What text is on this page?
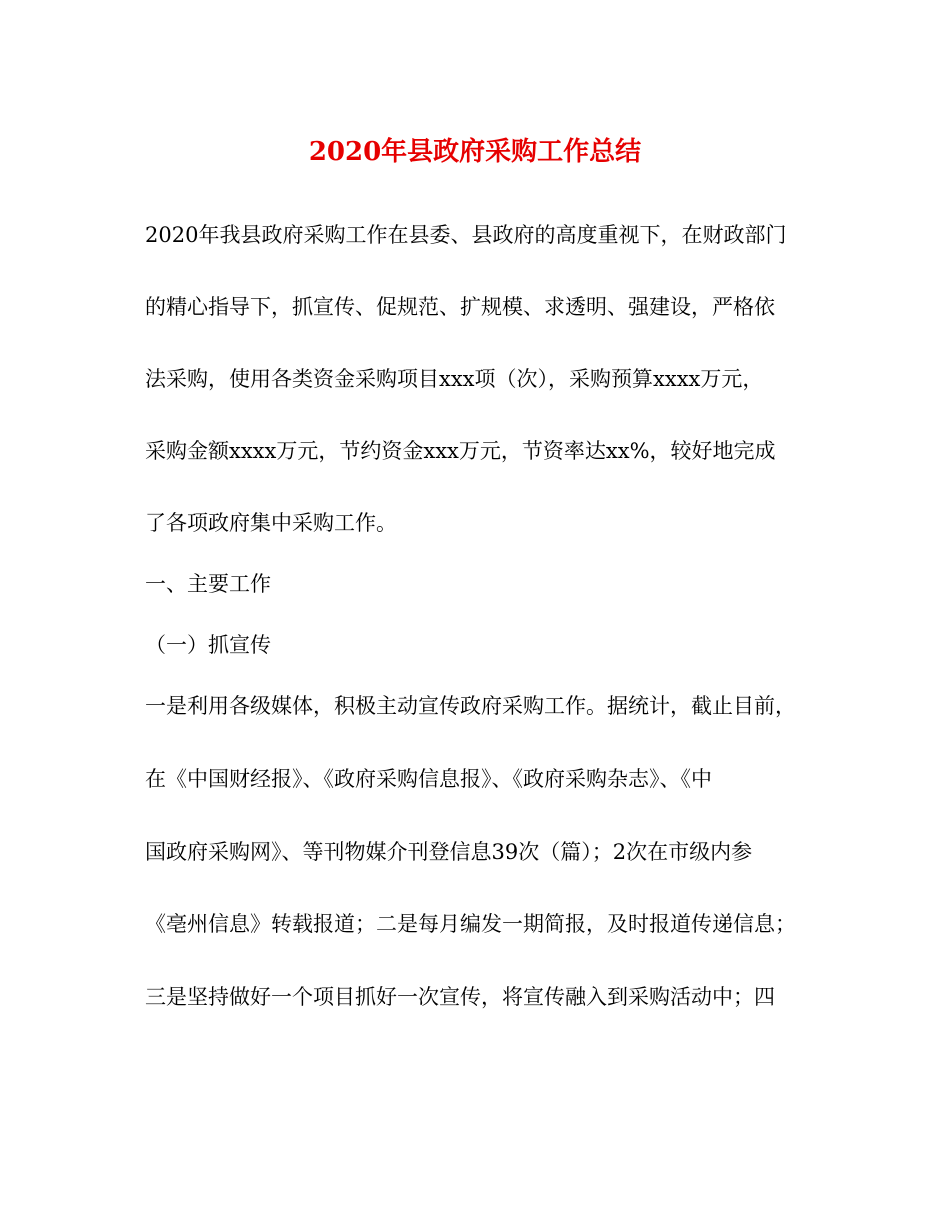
2020年县政府采购工作总结
2020年我县政府采购工作在县委、县政府的高度重视下，在财政部门
的精心指导下，抓宣传、促规范、扩规模、求透明、强建设，严格依
法采购，使用各类资金采购项目xxx项（次），采购预算xxxx万元，
采购金额xxxx万元，节约资金xxx万元，节资率达xx%，较好地完成
了各项政府集中采购工作。
一、主要工作
（一）抓宣传
一是利用各级媒体，积极主动宣传政府采购工作。据统计，截止目前，
在《中国财经报》、《政府采购信息报》、《政府采购杂志》、《中
国政府采购网》、等刊物媒介刊登信息39次（篇）；2次在市级内参
《亳州信息》转载报道；二是每月编发一期简报，及时报道传递信息；
三是坚持做好一个项目抓好一次宣传，将宣传融入到采购活动中；四
